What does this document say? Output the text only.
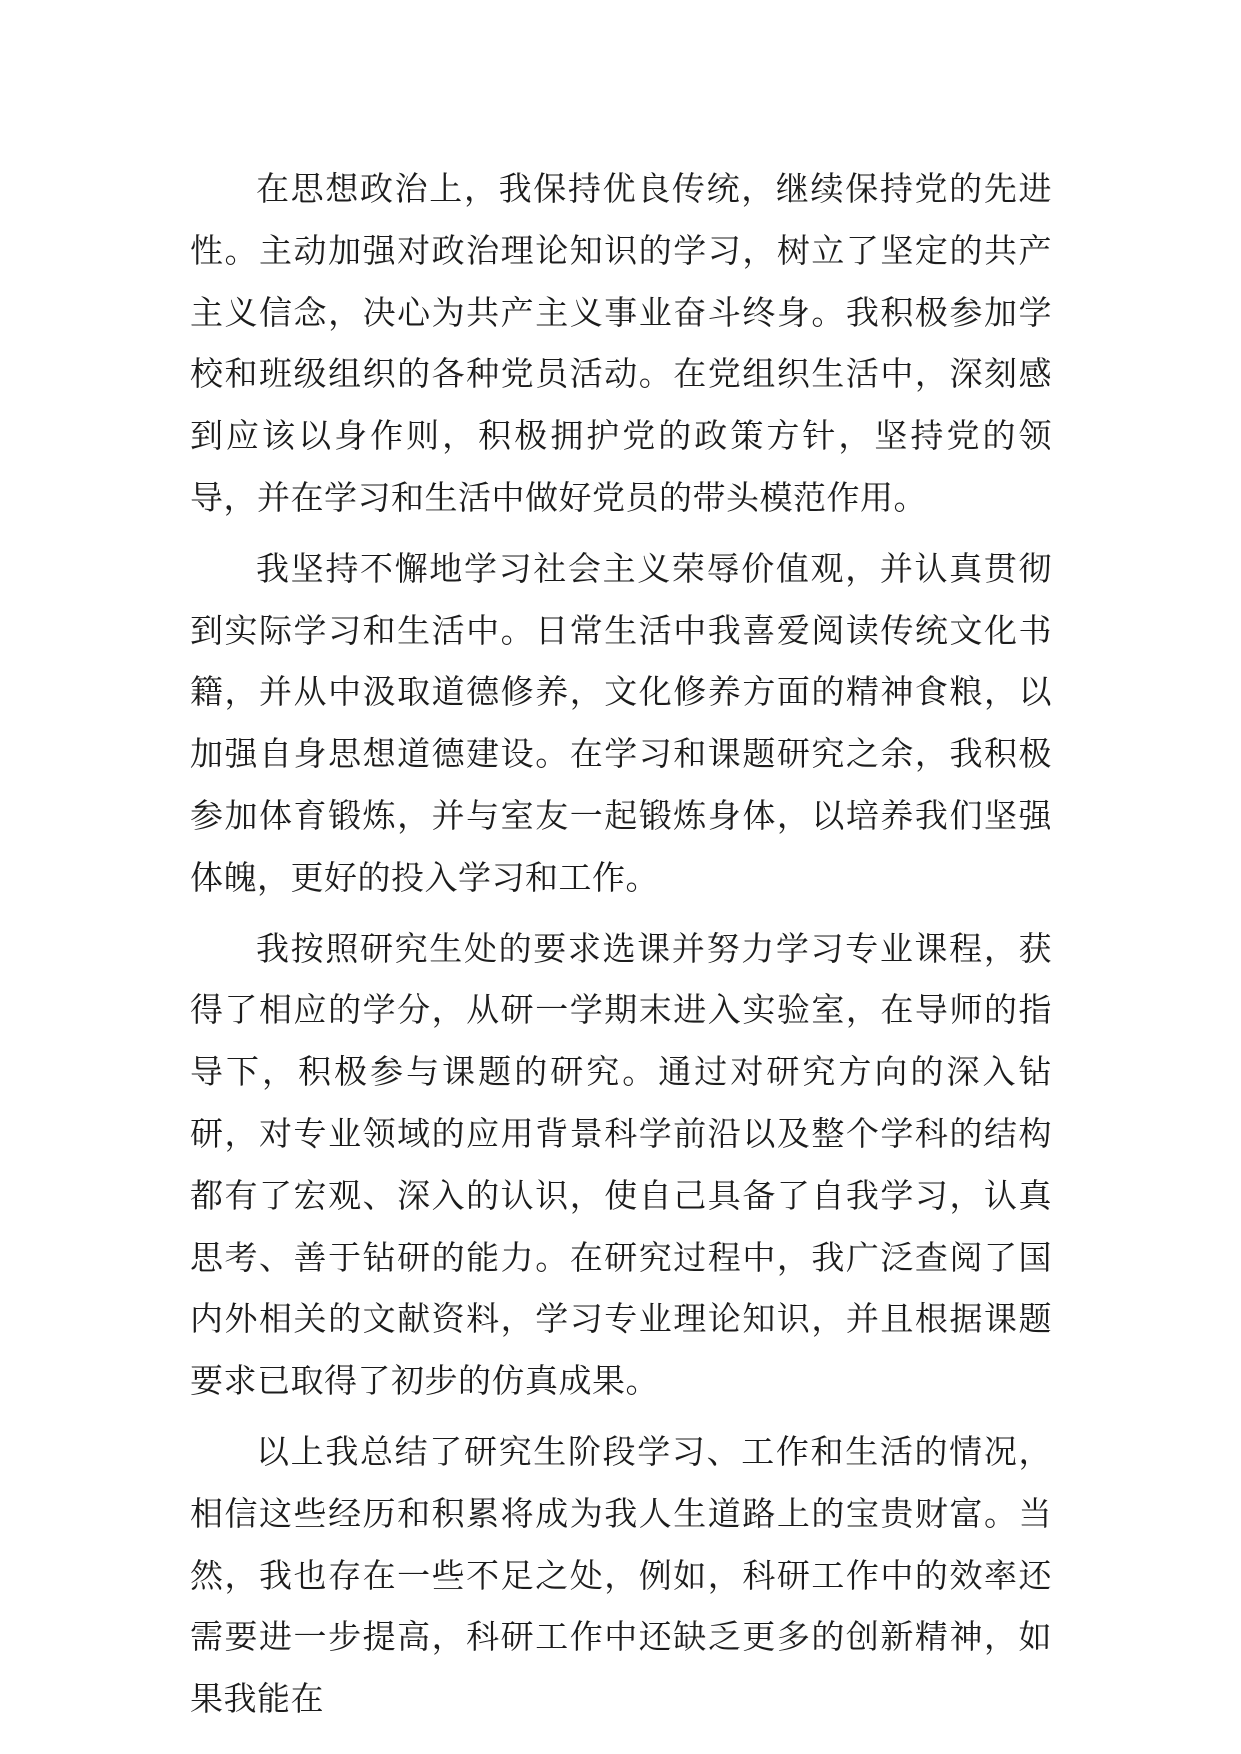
在思想政治上，我保持优良传统，继续保持党的先进性。主动加强对政治理论知识的学习，树立了坚定的共产主义信念，决心为共产主义事业奋斗终身。我积极参加学校和班级组织的各种党员活动。在党组织生活中，深刻感到应该以身作则，积极拥护党的政策方针，坚持党的领导，并在学习和生活中做好党员的带头模范作用。

我坚持不懈地学习社会主义荣辱价值观，并认真贯彻到实际学习和生活中。日常生活中我喜爱阅读传统文化书籍，并从中汲取道德修养，文化修养方面的精神食粮，以加强自身思想道德建设。在学习和课题研究之余，我积极参加体育锻炼，并与室友一起锻炼身体，以培养我们坚强体魄，更好的投入学习和工作。

我按照研究生处的要求选课并努力学习专业课程，获得了相应的学分，从研一学期末进入实验室，在导师的指导下，积极参与课题的研究。通过对研究方向的深入钻研，对专业领域的应用背景科学前沿以及整个学科的结构都有了宏观、深入的认识，使自己具备了自我学习，认真思考、善于钻研的能力。在研究过程中，我广泛查阅了国内外相关的文献资料，学习专业理论知识，并且根据课题要求已取得了初步的仿真成果。

以上我总结了研究生阶段学习、工作和生活的情况，相信这些经历和积累将成为我人生道路上的宝贵财富。当然，我也存在一些不足之处，例如，科研工作中的效率还需要进一步提高，科研工作中还缺乏更多的创新精神，如果我能在
